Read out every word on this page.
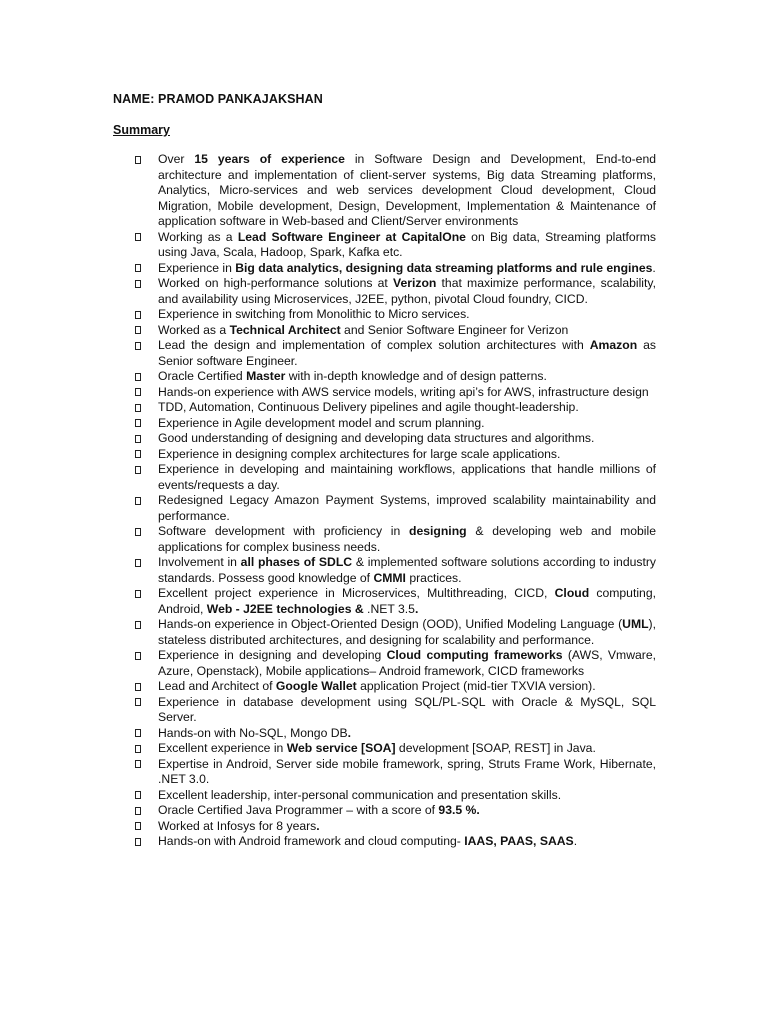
NAME: PRAMOD PANKAJAKSHAN
Summary
Over 15 years of experience in Software Design and Development, End-to-end architecture and implementation of client-server systems, Big data Streaming platforms, Analytics, Micro-services and web services development Cloud development, Cloud Migration, Mobile development, Design, Development, Implementation & Maintenance of application software in Web-based and Client/Server environments
Working as a Lead Software Engineer at CapitalOne on Big data, Streaming platforms using Java, Scala, Hadoop, Spark, Kafka etc.
Experience in Big data analytics, designing data streaming platforms and rule engines.
Worked on high-performance solutions at Verizon that maximize performance, scalability, and availability using Microservices, J2EE, python, pivotal Cloud foundry, CICD.
Experience in switching from Monolithic to Micro services.
Worked as a Technical Architect and Senior Software Engineer for Verizon
Lead the design and implementation of complex solution architectures with Amazon as Senior software Engineer.
Oracle Certified Master with in-depth knowledge and of design patterns.
Hands-on experience with AWS service models, writing api’s for AWS, infrastructure design
TDD, Automation, Continuous Delivery pipelines and agile thought-leadership.
Experience in Agile development model and scrum planning.
Good understanding of designing and developing data structures and algorithms.
Experience in designing complex architectures for large scale applications.
Experience in developing and maintaining workflows, applications that handle millions of events/requests a day.
Redesigned Legacy Amazon Payment Systems, improved scalability maintainability and performance.
Software development with proficiency in designing & developing web and mobile applications for complex business needs.
Involvement in all phases of SDLC & implemented software solutions according to industry standards. Possess good knowledge of CMMI practices.
Excellent project experience in Microservices, Multithreading, CICD, Cloud computing, Android, Web - J2EE technologies & .NET 3.5.
Hands-on experience in Object-Oriented Design (OOD), Unified Modeling Language (UML), stateless distributed architectures, and designing for scalability and performance.
Experience in designing and developing Cloud computing frameworks (AWS, Vmware, Azure, Openstack), Mobile applications– Android framework, CICD frameworks
Lead and Architect of Google Wallet application Project (mid-tier TXVIA version).
Experience in database development using SQL/PL-SQL with Oracle & MySQL, SQL Server.
Hands-on with No-SQL, Mongo DB.
Excellent experience in Web service [SOA] development [SOAP, REST] in Java.
Expertise in Android, Server side mobile framework, spring, Struts Frame Work, Hibernate, .NET 3.0.
Excellent leadership, inter-personal communication and presentation skills.
Oracle Certified Java Programmer – with a score of 93.5 %.
Worked at Infosys for 8 years.
Hands-on with Android framework and cloud computing- IAAS, PAAS, SAAS.
